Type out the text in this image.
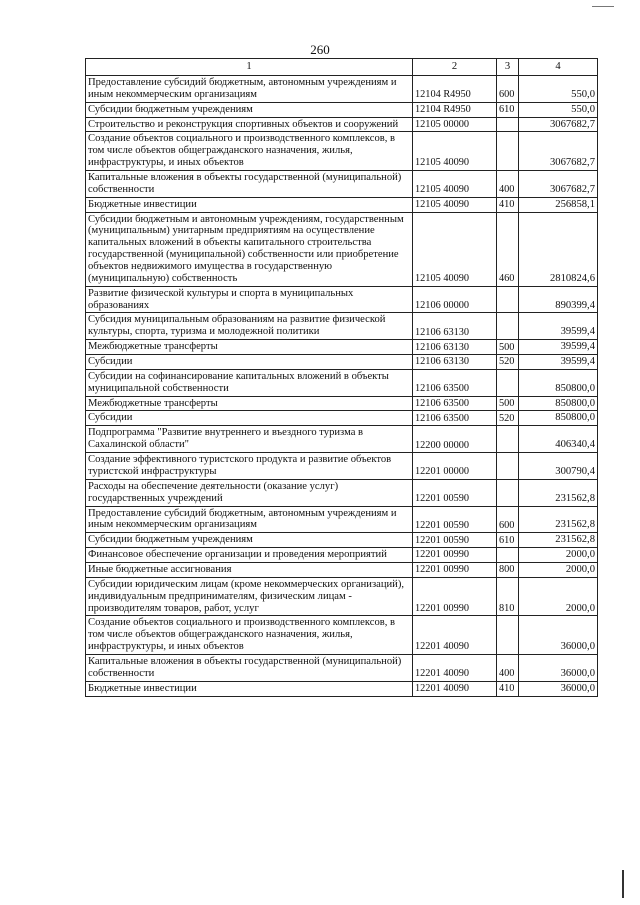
260
1	2	3	4
Предоставление субсидий бюджетным, автономным учреждениям и иным некоммерческим организациям	12104 R4950	600	550,0
Субсидии бюджетным учреждениям	12104 R4950	610	550,0
Строительство и реконструкция спортивных объектов и сооружений	12105 00000		3067682,7
Создание объектов социального и производственного комплексов, в том числе объектов общегражданского назначения, жилья, инфраструктуры, и иных объектов	12105 40090		3067682,7
Капитальные вложения в объекты государственной (муниципальной) собственности	12105 40090	400	3067682,7
Бюджетные инвестиции	12105 40090	410	256858,1
Субсидии бюджетным и автономным учреждениям, государственным (муниципальным) унитарным предприятиям на осуществление капитальных вложений в объекты капитального строительства государственной (муниципальной) собственности или приобретение объектов недвижимого имущества в государственную (муниципальную) собственность	12105 40090	460	2810824,6
Развитие физической культуры и спорта в муниципальных образованиях	12106 00000		890399,4
Субсидия муниципальным образованиям на развитие физической культуры, спорта, туризма и молодежной политики	12106 63130		39599,4
Межбюджетные трансферты	12106 63130	500	39599,4
Субсидии	12106 63130	520	39599,4
Субсидии на софинансирование капитальных вложений в объекты муниципальной собственности	12106 63500		850800,0
Межбюджетные трансферты	12106 63500	500	850800,0
Субсидии	12106 63500	520	850800,0
Подпрограмма "Развитие внутреннего и въездного туризма в Сахалинской области"	12200 00000		406340,4
Создание эффективного туристского продукта и развитие объектов туристской инфраструктуры	12201 00000		300790,4
Расходы на обеспечение деятельности (оказание услуг) государственных учреждений	12201 00590		231562,8
Предоставление субсидий бюджетным, автономным учреждениям и иным некоммерческим организациям	12201 00590	600	231562,8
Субсидии бюджетным учреждениям	12201 00590	610	231562,8
Финансовое обеспечение организации и проведения мероприятий	12201 00990		2000,0
Иные бюджетные ассигнования	12201 00990	800	2000,0
Субсидии юридическим лицам (кроме некоммерческих организаций), индивидуальным предпринимателям, физическим лицам - производителям товаров, работ, услуг	12201 00990	810	2000,0
Создание объектов социального и производственного комплексов, в том числе объектов общегражданского назначения, жилья, инфраструктуры, и иных объектов	12201 40090		36000,0
Капитальные вложения в объекты государственной (муниципальной) собственности	12201 40090	400	36000,0
Бюджетные инвестиции	12201 40090	410	36000,0
